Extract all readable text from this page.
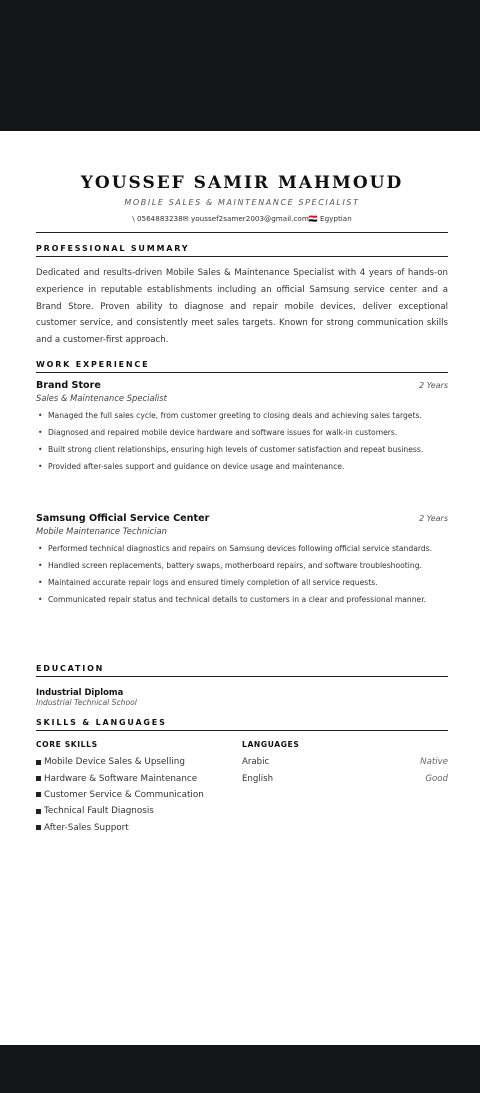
YOUSSEF SAMIR MAHMOUD
MOBILE SALES & MAINTENANCE SPECIALIST
\ 0564883238✉ youssef2samer2003@gmail.com🇪🇬 Egyptian
PROFESSIONAL SUMMARY
Dedicated and results-driven Mobile Sales & Maintenance Specialist with 4 years of hands-on experience in reputable establishments including an official Samsung service center and a Brand Store. Proven ability to diagnose and repair mobile devices, deliver exceptional customer service, and consistently meet sales targets. Known for strong communication skills and a customer-first approach.
WORK EXPERIENCE
Brand Store	2 Years
Sales & Maintenance Specialist
• Managed the full sales cycle, from customer greeting to closing deals and achieving sales targets.
• Diagnosed and repaired mobile device hardware and software issues for walk-in customers.
• Built strong client relationships, ensuring high levels of customer satisfaction and repeat business.
• Provided after-sales support and guidance on device usage and maintenance.
Samsung Official Service Center	2 Years
Mobile Maintenance Technician
• Performed technical diagnostics and repairs on Samsung devices following official service standards.
• Handled screen replacements, battery swaps, motherboard repairs, and software troubleshooting.
• Maintained accurate repair logs and ensured timely completion of all service requests.
• Communicated repair status and technical details to customers in a clear and professional manner.
EDUCATION
Industrial Diploma
Industrial Technical School
SKILLS & LANGUAGES
CORE SKILLS
Mobile Device Sales & Upselling
Hardware & Software Maintenance
Customer Service & Communication
Technical Fault Diagnosis
After-Sales Support
LANGUAGES
Arabic	Native
English	Good
